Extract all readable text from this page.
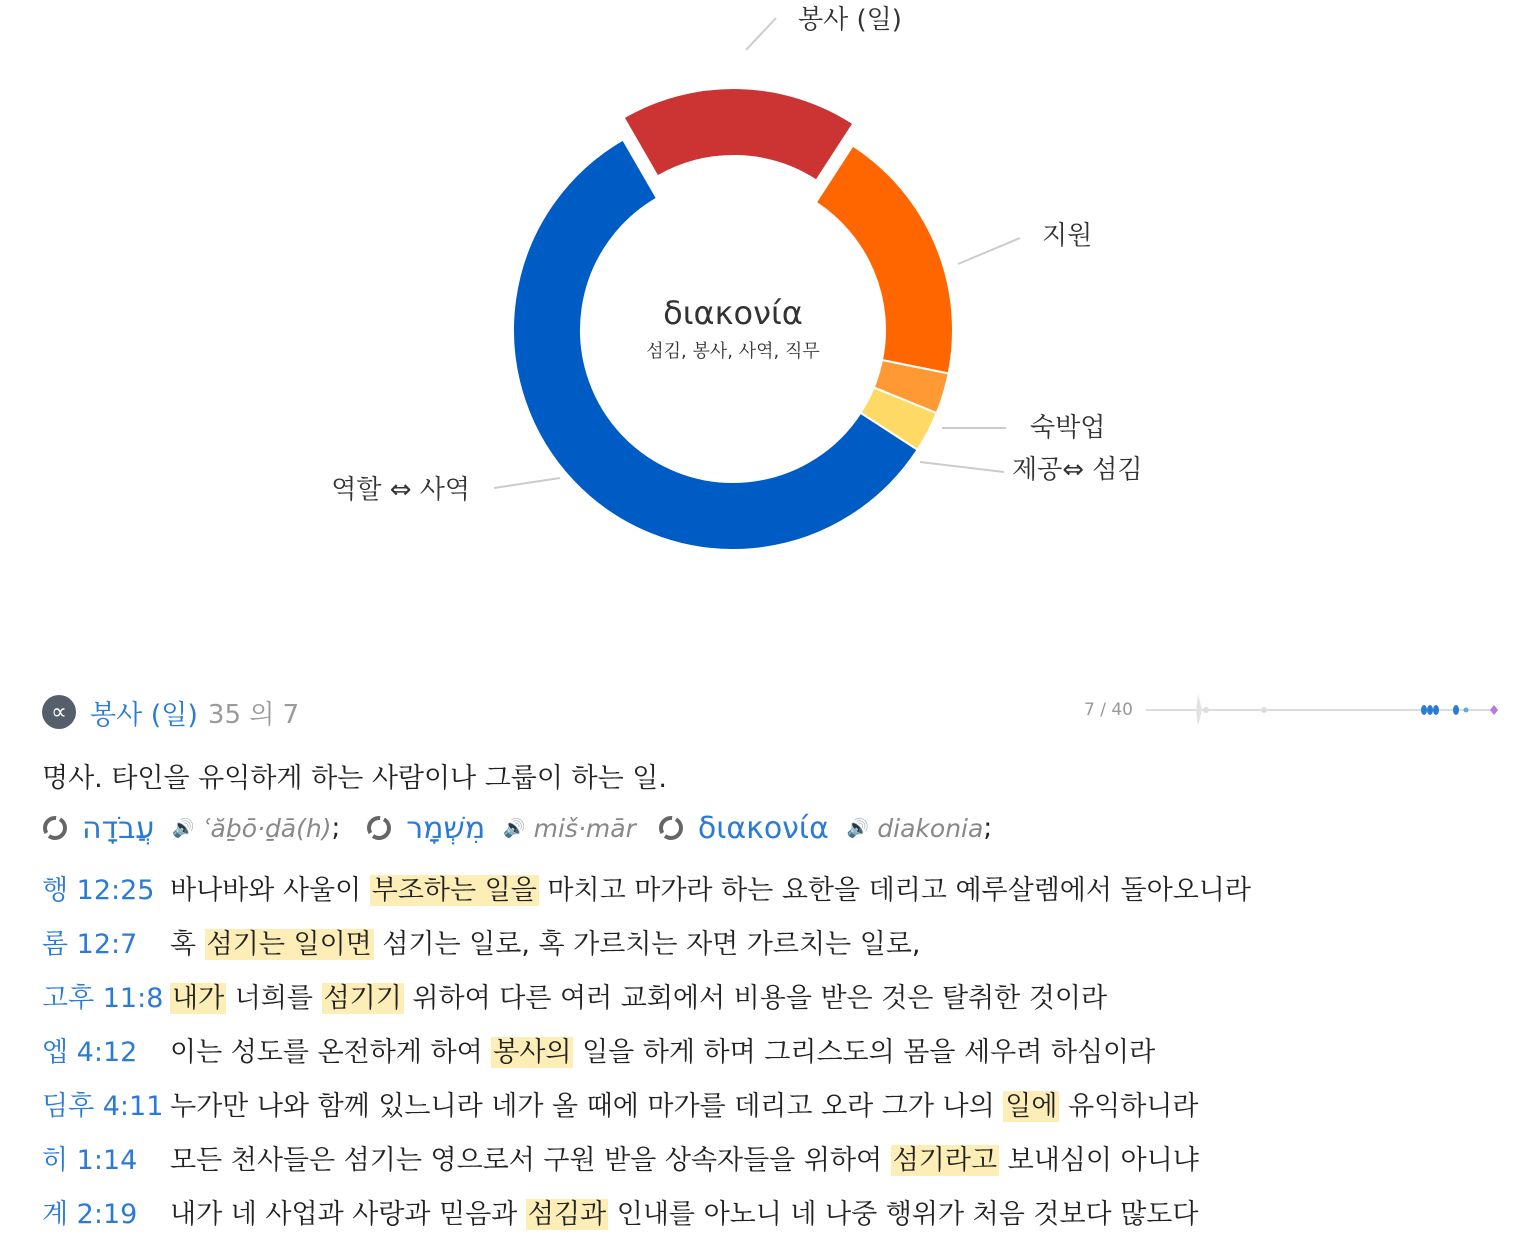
봉사 (일)
지원
숙박업
제공⇔ 섬김
역할 ⇔ 사역
διακονία
섬김, 봉사, 사역, 직무
∝ 봉사 (일) 35 의 7	7 / 40
명사. 타인을 유익하게 하는 사람이나 그룹이 하는 일.
עֲבֹדָה 🔊 ʿăḇō·ḏā(h) ; מִשְׁמָר 🔊 miš·mār διακονία 🔊 diakonia ;
행 12:25 바나바와 사울이 부조하는 일을 마치고 마가라 하는 요한을 데리고 예루살렘에서 돌아오니라
롬 12:7	혹 섬기는 일이면 섬기는 일로, 혹 가르치는 자면 가르치는 일로,
고후 11:8 내가 너희를 섬기기 위하여 다른 여러 교회에서 비용을 받은 것은 탈취한 것이라
엡 4:12	이는 성도를 온전하게 하여 봉사의 일을 하게 하며 그리스도의 몸을 세우려 하심이라
딤후 4:11 누가만 나와 함께 있느니라 네가 올 때에 마가를 데리고 오라 그가 나의 일에 유익하니라
히 1:14	모든 천사들은 섬기는 영으로서 구원 받을 상속자들을 위하여 섬기라고 보내심이 아니냐
계 2:19	내가 네 사업과 사랑과 믿음과 섬김과 인내를 아노니 네 나중 행위가 처음 것보다 많도다
